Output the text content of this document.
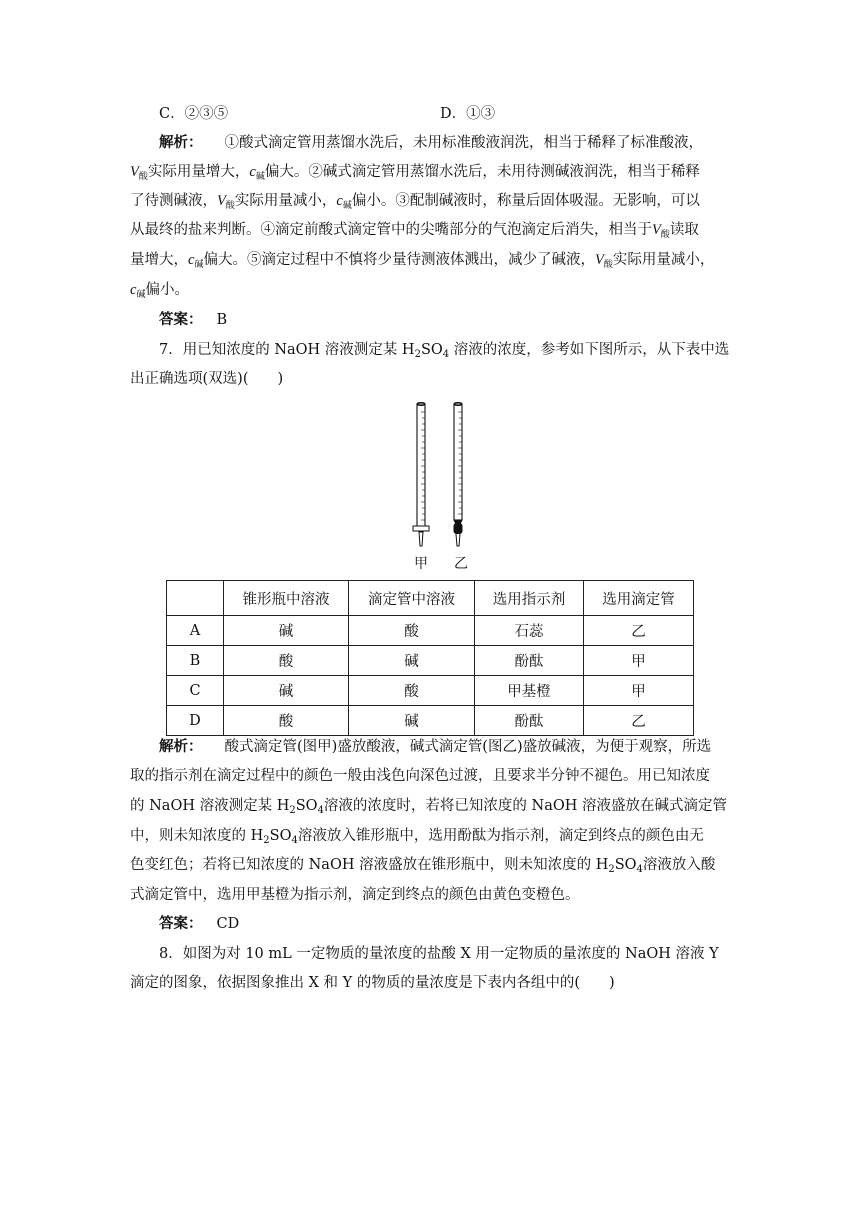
C．②③⑤	D．①③
解析： ①酸式滴定管用蒸馏水洗后，未用标准酸液润洗，相当于稀释了标准酸液，
$V_酸$实际用量增大，$c_碱$偏大。②碱式滴定管用蒸馏水洗后，未用待测碱液润洗，相当于稀释
了待测碱液，$V_酸$实际用量减小，$c_碱$偏小。③配制碱液时，称量后固体吸湿。无影响，可以
从最终的盐来判断。④滴定前酸式滴定管中的尖嘴部分的气泡滴定后消失，相当于$V_酸$读取
量增大，$c_碱$偏大。⑤滴定过程中不慎将少量待测液体溅出，减少了碱液，$V_酸$实际用量减小，
$c_碱$偏小。
答案： B
7．用已知浓度的 NaOH 溶液测定某 $H_2SO_4$ 溶液的浓度，参考如下图所示，从下表中选
出正确选项(双选)(　　)
甲 乙
	锥形瓶中溶液	滴定管中溶液	选用指示剂	选用滴定管
A	碱	酸	石蕊	乙
B	酸	碱	酚酞	甲
C	碱	酸	甲基橙	甲
D	酸	碱	酚酞	乙
解析： 酸式滴定管(图甲)盛放酸液，碱式滴定管(图乙)盛放碱液，为便于观察，所选
取的指示剂在滴定过程中的颜色一般由浅色向深色过渡，且要求半分钟不褪色。用已知浓度
的 NaOH 溶液测定某 $H_2SO_4$溶液的浓度时，若将已知浓度的 NaOH 溶液盛放在碱式滴定管
中，则未知浓度的 $H_2SO_4$溶液放入锥形瓶中，选用酚酞为指示剂，滴定到终点的颜色由无
色变红色；若将已知浓度的 NaOH 溶液盛放在锥形瓶中，则未知浓度的 $H_2SO_4$溶液放入酸
式滴定管中，选用甲基橙为指示剂，滴定到终点的颜色由黄色变橙色。
答案： CD
8．如图为对 10 mL 一定物质的量浓度的盐酸 X 用一定物质的量浓度的 NaOH 溶液 Y
滴定的图象，依据图象推出 X 和 Y 的物质的量浓度是下表内各组中的(　　)
